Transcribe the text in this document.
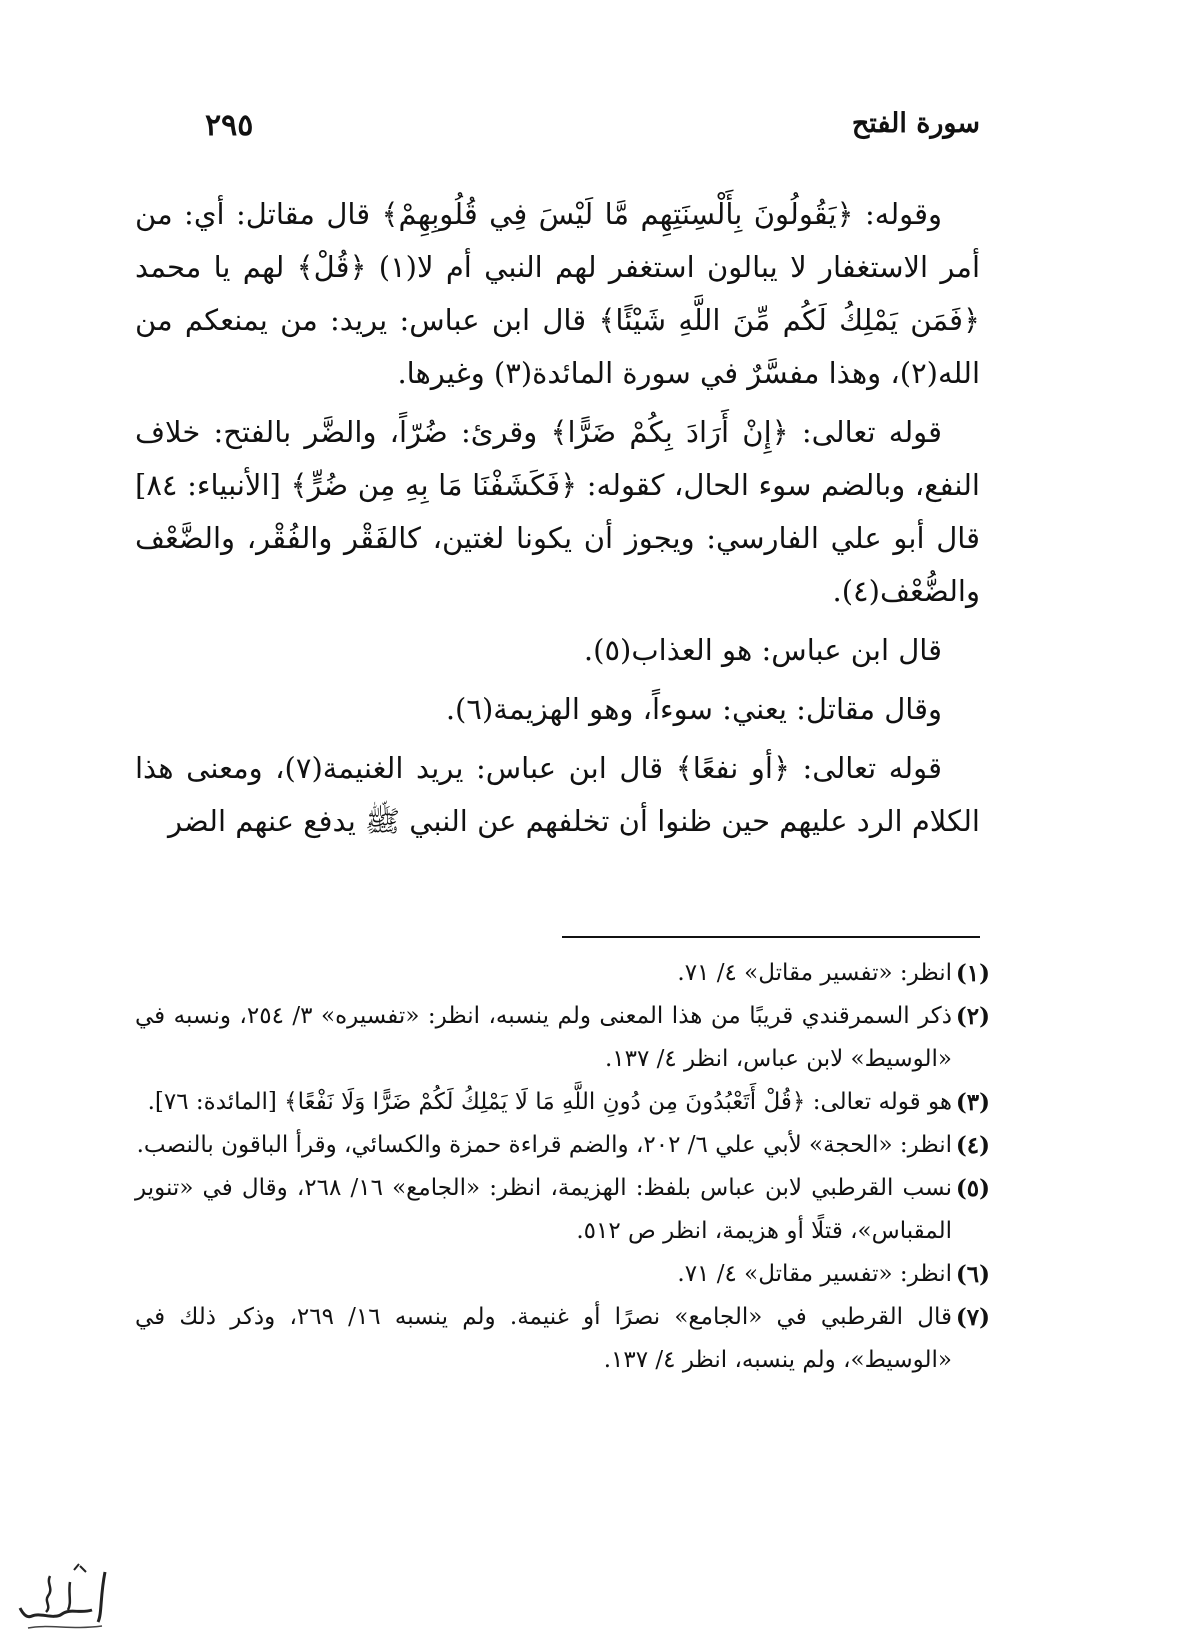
٢٩٥	سورة الفتح

وقوله: ﴿يَقُولُونَ بِأَلْسِنَتِهِم مَّا لَيْسَ فِي قُلُوبِهِمْ﴾ قال مقاتل: أي: من أمر الاستغفار لا يبالون استغفر لهم النبي أم لا(١) ﴿قُلْ﴾ لهم يا محمد ﴿فَمَن يَمْلِكُ لَكُم مِّنَ اللَّهِ شَيْئًا﴾ قال ابن عباس: يريد: من يمنعكم من الله(٢)، وهذا مفسَّرٌ في سورة المائدة(٣) وغيرها.

قوله تعالى: ﴿إِنْ أَرَادَ بِكُمْ ضَرًّا﴾ وقرئ: ضُرّاً، والضَّر بالفتح: خلاف النفع، وبالضم سوء الحال، كقوله: ﴿فَكَشَفْنَا مَا بِهِ مِن ضُرٍّ﴾ [الأنبياء: ٨٤] قال أبو علي الفارسي: ويجوز أن يكونا لغتين، كالفَقْر والفُقْر، والضَّعْف والضُّعْف(٤).

قال ابن عباس: هو العذاب(٥).

وقال مقاتل: يعني: سوءاً، وهو الهزيمة(٦).

قوله تعالى: ﴿أو نفعًا﴾ قال ابن عباس: يريد الغنيمة(٧)، ومعنى هذا الكلام الرد عليهم حين ظنوا أن تخلفهم عن النبي ﷺ يدفع عنهم الضر

(١)
انظر: «تفسير مقاتل» ٤/ ٧١.
(٢)
ذكر السمرقندي قريبًا من هذا المعنى ولم ينسبه، انظر: «تفسيره» ٣/ ٢٥٤، ونسبه في «الوسيط» لابن عباس، انظر ٤/ ١٣٧.
(٣)
هو قوله تعالى: ﴿قُلْ أَتَعْبُدُونَ مِن دُونِ اللَّهِ مَا لَا يَمْلِكُ لَكُمْ ضَرًّا وَلَا نَفْعًا﴾ [المائدة: ٧٦].
(٤)
انظر: «الحجة» لأبي علي ٦/ ٢٠٢، والضم قراءة حمزة والكسائي، وقرأ الباقون بالنصب.
(٥)
نسب القرطبي لابن عباس بلفظ: الهزيمة، انظر: «الجامع» ١٦/ ٢٦٨، وقال في «تنوير المقباس»، قتلًا أو هزيمة، انظر ص ٥١٢.
(٦)
انظر: «تفسير مقاتل» ٤/ ٧١.
(٧)
قال القرطبي في «الجامع» نصرًا أو غنيمة. ولم ينسبه ١٦/ ٢٦٩، وذكر ذلك في «الوسيط»، ولم ينسبه، انظر ٤/ ١٣٧.
